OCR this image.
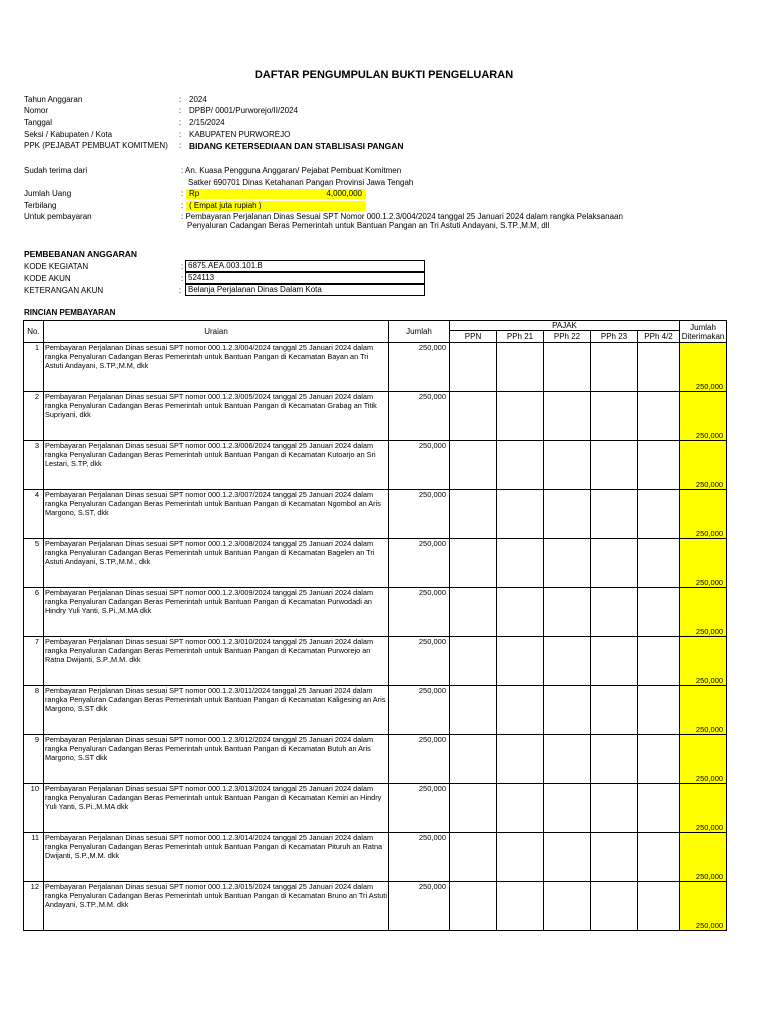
DAFTAR PENGUMPULAN BUKTI PENGELUARAN
Tahun Anggaran	: 2024
Nomor	: DPBP/ 0001/Purworejo/II/2024
Tanggal	: 2/15/2024
Seksi / Kabupaten / Kota	: KABUPATEN PURWOREJO
PPK (PEJABAT PEMBUAT KOMITMEN) : BIDANG KETERSEDIAAN DAN STABLISASI PANGAN
Sudah terima dari	: An. Kuasa Pengguna Anggaran/ Pejabat Pembuat Komitmen
Satker 690701 Dinas Ketahanan Pangan Provinsi Jawa Tengah
Jumlah Uang	: Rp	4,000,000
Terbilang	: ( Empat juta rupiah )
Untuk pembayaran	: Pembayaran Perjalanan Dinas Sesuai SPT Nomor 000.1.2.3/004/2024 tanggal 25 Januari 2024 dalam rangka Pelaksanaan
Penyaluran Cadangan Beras Pemerintah untuk Bantuan Pangan an Tri Astuti Andayani, S.TP.,M.M, dll
PEMBEBANAN ANGGARAN
KODE KEGIATAN	: 6875.AEA.003.101.B
KODE AKUN	: 524113
KETERANGAN AKUN	: Belanja Perjalanan Dinas Dalam Kota
RINCIAN PEMBAYARAN
No.	Uraian	Jumlah	PAJAK					Jumlah Diterimakan
			PPN	PPh 21	PPh 22	PPh 23	PPh 4/2	
1	Pembayaran Perjalanan Dinas sesuai SPT nomor 000.1.2.3/004/2024 tanggal 25 Januari 2024 dalam rangka Penyaluran Cadangan Beras Pemerintah untuk Bantuan Pangan di Kecamatan Bayan an Tri Astuti Andayani, S.TP.,M.M, dkk	250,000						250,000
2	Pembayaran Perjalanan Dinas sesuai SPT nomor 000.1.2.3/005/2024 tanggal 25 Januari 2024 dalam rangka Penyaluran Cadangan Beras Pemerintah untuk Bantuan Pangan di Kecamatan Grabag an Titik Supriyani, dkk	250,000						250,000
3	Pembayaran Perjalanan Dinas sesuai SPT nomor 000.1.2.3/006/2024 tanggal 25 Januari 2024 dalam rangka Penyaluran Cadangan Beras Pemerintah untuk Bantuan Pangan di Kecamatan Kutoarjo an Sri Lestari, S.TP, dkk	250,000						250,000
4	Pembayaran Perjalanan Dinas sesuai SPT nomor 000.1.2.3/007/2024 tanggal 25 Januari 2024 dalam rangka Penyaluran Cadangan Beras Pemerintah untuk Bantuan Pangan di Kecamatan Ngombol an Aris Margono, S.ST, dkk	250,000						250,000
5	Pembayaran Perjalanan Dinas sesuai SPT nomor 000.1.2.3/008/2024 tanggal 25 Januari 2024 dalam rangka Penyaluran Cadangan Beras Pemerintah untuk Bantuan Pangan di Kecamatan Bagelen an Tri Astuti Andayani, S.TP.,M.M., dkk	250,000						250,000
6	Pembayaran Perjalanan Dinas sesuai SPT nomor 000.1.2.3/009/2024 tanggal 25 Januari 2024 dalam rangka Penyaluran Cadangan Beras Pemerintah untuk Bantuan Pangan di Kecamatan Purwodadi an Hindry Yuli Yanti, S.Pi.,M.MA dkk	250,000						250,000
7	Pembayaran Perjalanan Dinas sesuai SPT nomor 000.1.2.3/010/2024 tanggal 25 Januari 2024 dalam rangka Penyaluran Cadangan Beras Pemerintah untuk Bantuan Pangan di Kecamatan Purworejo an Ratna Dwijanti, S.P.,M.M. dkk	250,000						250,000
8	Pembayaran Perjalanan Dinas sesuai SPT nomor 000.1.2.3/011/2024 tanggal 25 Januari 2024 dalam rangka Penyaluran Cadangan Beras Pemerintah untuk Bantuan Pangan di Kecamatan Kaligesing an Aris Margono, S.ST dkk	250,000						250,000
9	Pembayaran Perjalanan Dinas sesuai SPT nomor 000.1.2.3/012/2024 tanggal 25 Januari 2024 dalam rangka Penyaluran Cadangan Beras Pemerintah untuk Bantuan Pangan di Kecamatan Butuh an Aris Margono, S.ST dkk	250,000						250,000
10	Pembayaran Perjalanan Dinas sesuai SPT nomor 000.1.2.3/013/2024 tanggal 25 Januari 2024 dalam rangka Penyaluran Cadangan Beras Pemerintah untuk Bantuan Pangan di Kecamatan Kemiri an Hindry Yuli Yanti, S.Pi.,M.MA dkk	250,000						250,000
11	Pembayaran Perjalanan Dinas sesuai SPT nomor 000.1.2.3/014/2024 tanggal 25 Januari 2024 dalam rangka Penyaluran Cadangan Beras Pemerintah untuk Bantuan Pangan di Kecamatan Pituruh an Ratna Dwijanti, S.P.,M.M. dkk	250,000						250,000
12	Pembayaran Perjalanan Dinas sesuai SPT nomor 000.1.2.3/015/2024 tanggal 25 Januari 2024 dalam rangka Penyaluran Cadangan Beras Pemerintah untuk Bantuan Pangan di Kecamatan Bruno an Tri Astuti Andayani, S.TP.,M.M. dkk	250,000						250,000
